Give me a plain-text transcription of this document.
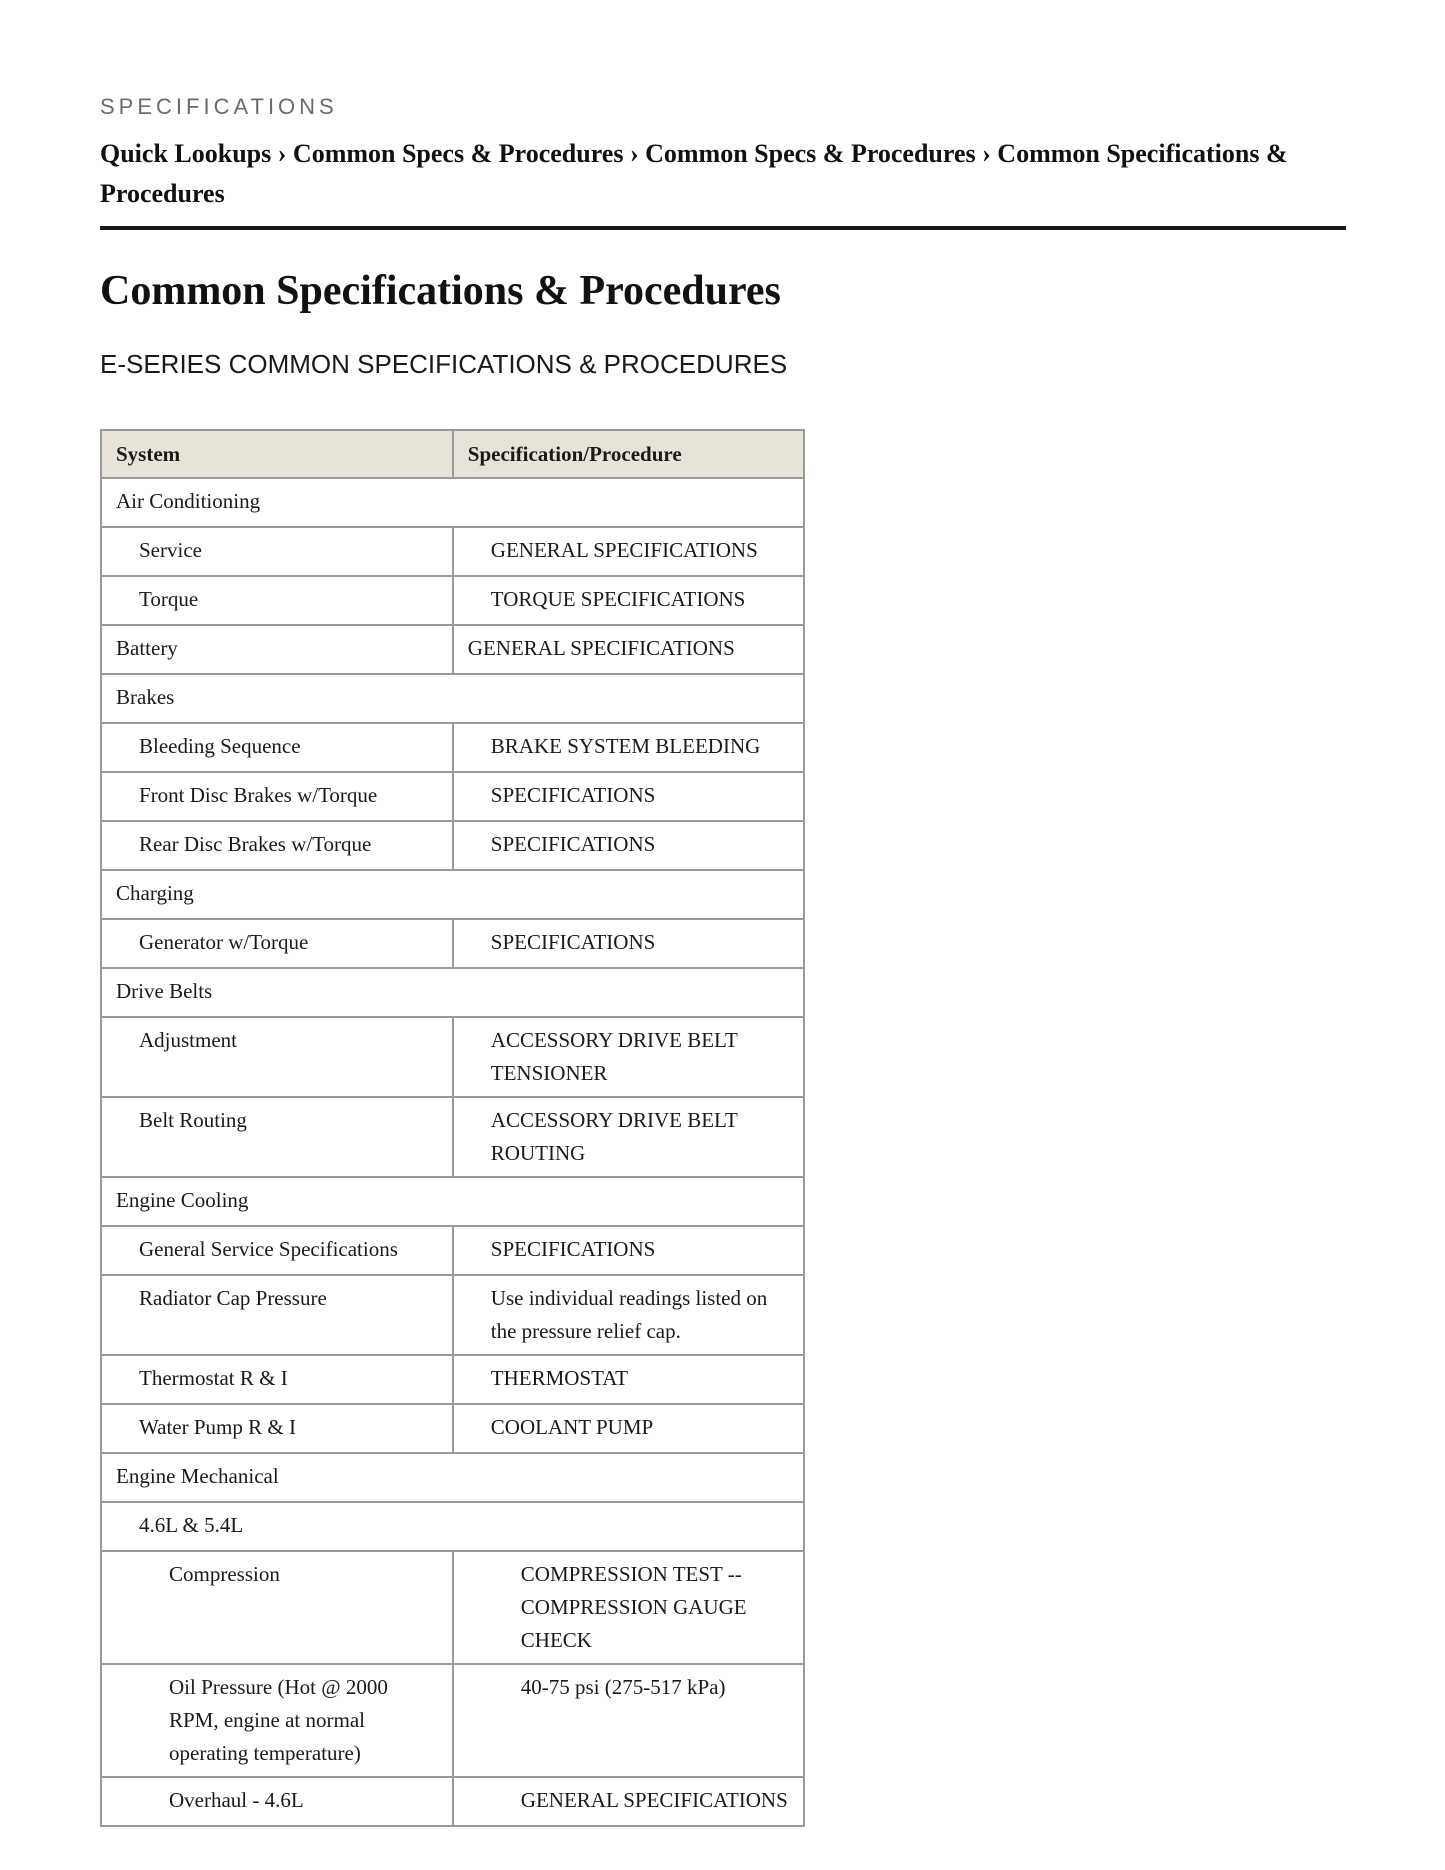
SPECIFICATIONS
Quick Lookups › Common Specs & Procedures › Common Specs & Procedures › Common Specifications & Procedures
Common Specifications & Procedures
E-SERIES COMMON SPECIFICATIONS & PROCEDURES
System	Specification/Procedure
Air Conditioning	
Service	GENERAL SPECIFICATIONS
Torque	TORQUE SPECIFICATIONS
Battery	GENERAL SPECIFICATIONS
Brakes	
Bleeding Sequence	BRAKE SYSTEM BLEEDING
Front Disc Brakes w/Torque	SPECIFICATIONS
Rear Disc Brakes w/Torque	SPECIFICATIONS
Charging	
Generator w/Torque	SPECIFICATIONS
Drive Belts	
Adjustment	ACCESSORY DRIVE BELT TENSIONER
Belt Routing	ACCESSORY DRIVE BELT ROUTING
Engine Cooling	
General Service Specifications	SPECIFICATIONS
Radiator Cap Pressure	Use individual readings listed on the pressure relief cap.
Thermostat R & I	THERMOSTAT
Water Pump R & I	COOLANT PUMP
Engine Mechanical	
4.6L & 5.4L	
Compression	COMPRESSION TEST -- COMPRESSION GAUGE CHECK
Oil Pressure (Hot @ 2000 RPM, engine at normal operating temperature)	40-75 psi (275-517 kPa)
Overhaul - 4.6L	GENERAL SPECIFICATIONS
